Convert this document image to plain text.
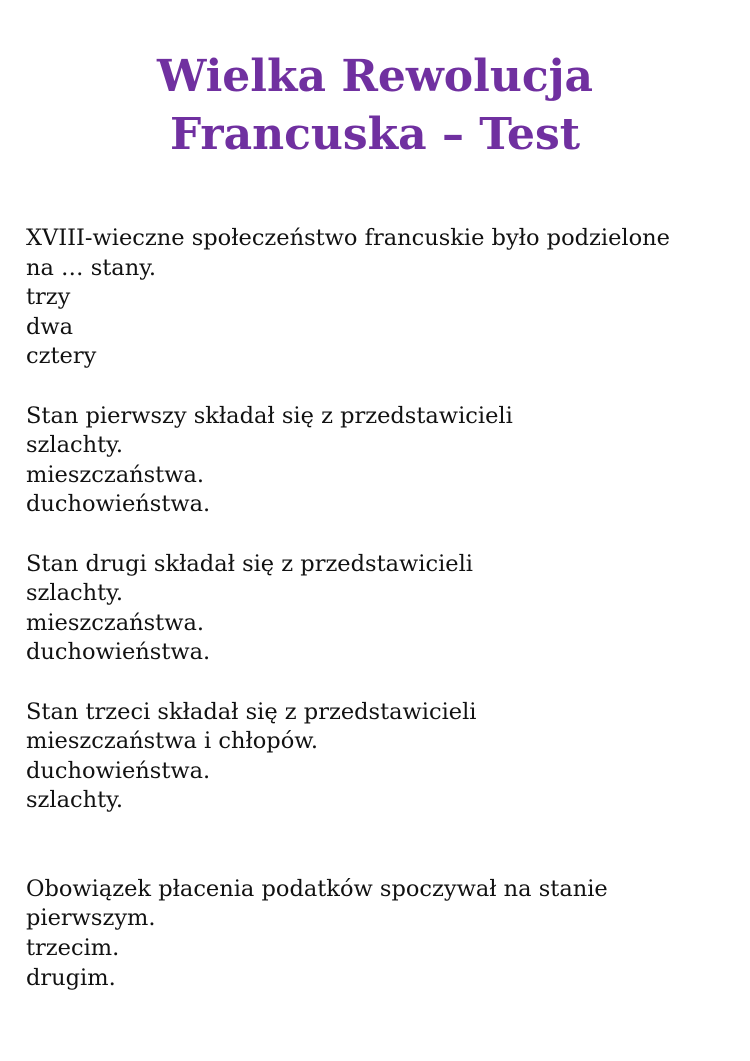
Wielka Rewolucja
Francuska – Test
XVIII-wieczne społeczeństwo francuskie było podzielone
na … stany.
trzy
dwa
cztery
Stan pierwszy składał się z przedstawicieli
szlachty.
mieszczaństwa.
duchowieństwa.
Stan drugi składał się z przedstawicieli
szlachty.
mieszczaństwa.
duchowieństwa.
Stan trzeci składał się z przedstawicieli
mieszczaństwa i chłopów.
duchowieństwa.
szlachty.
Obowiązek płacenia podatków spoczywał na stanie
pierwszym.
trzecim.
drugim.
